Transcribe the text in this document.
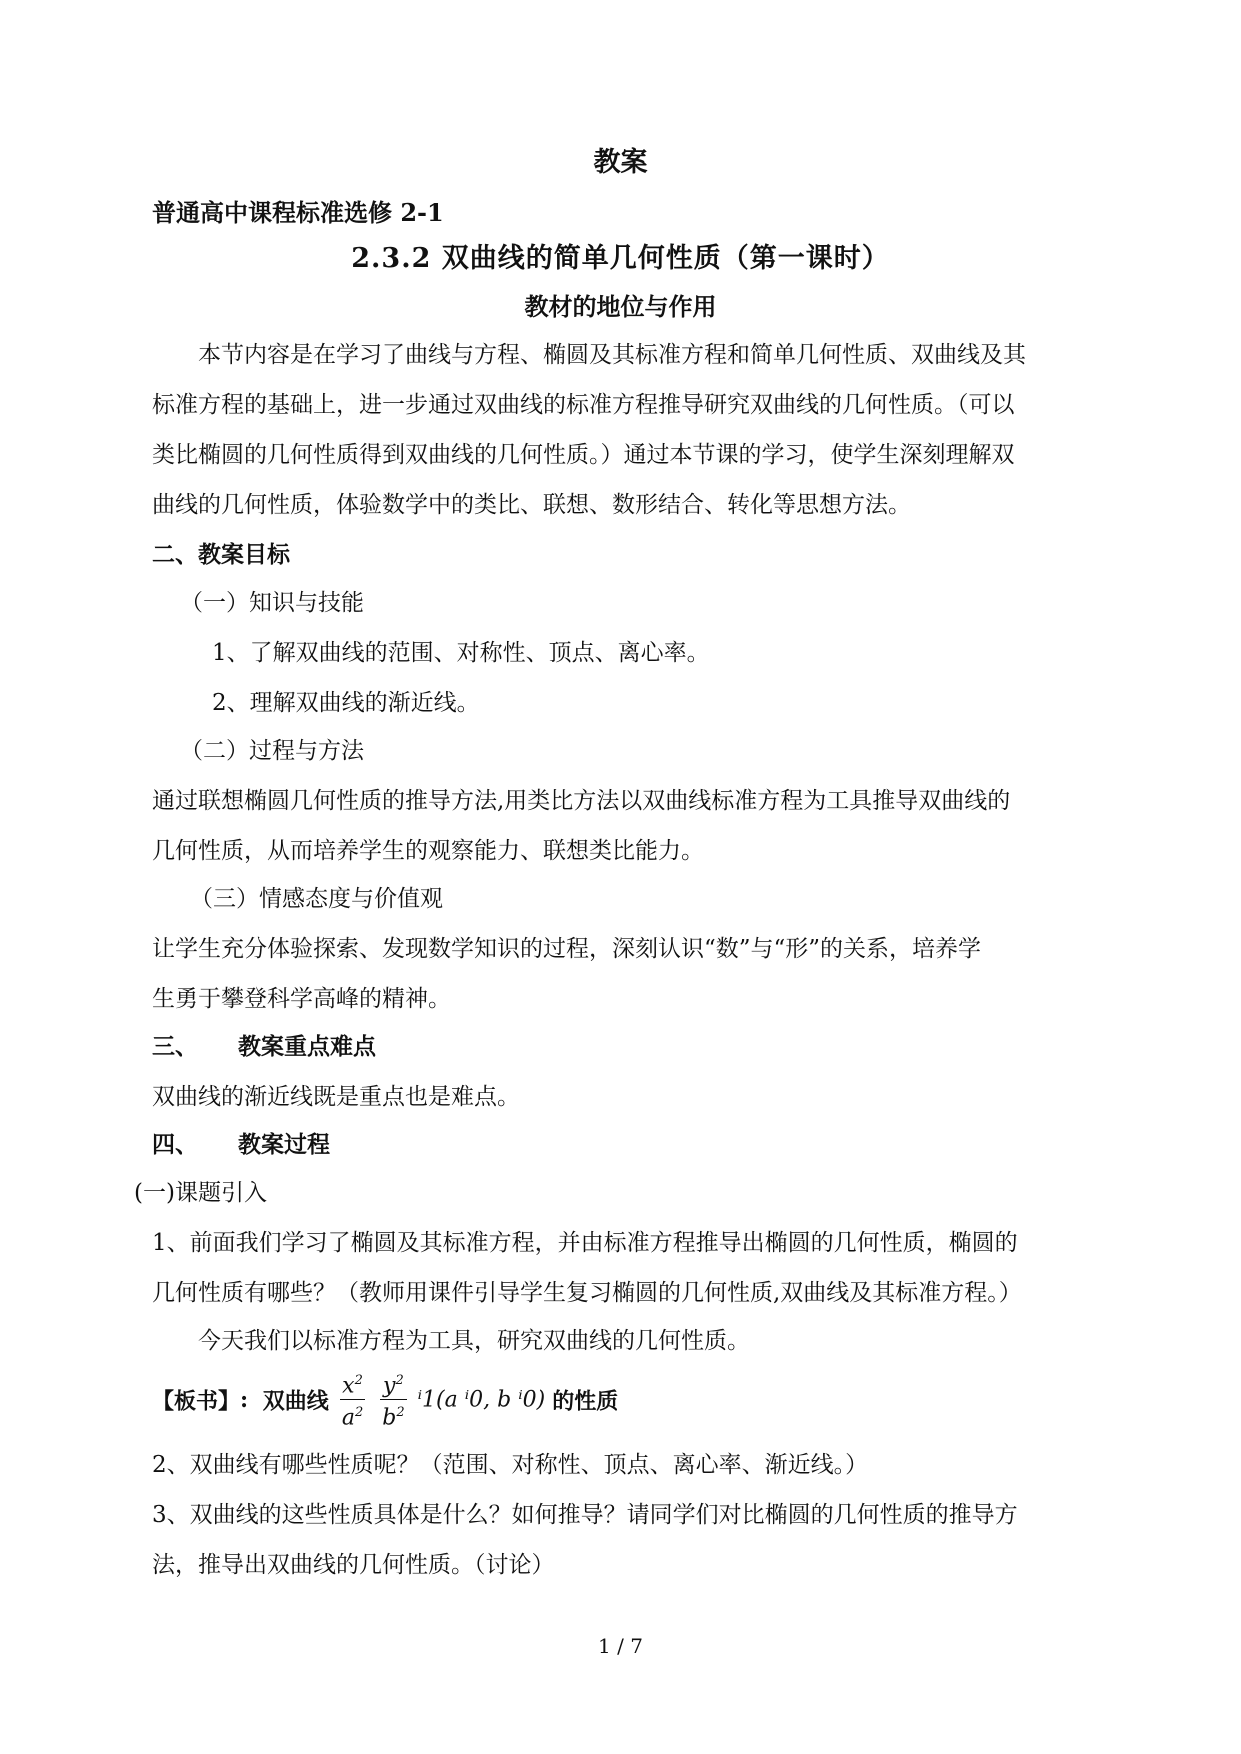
教案
普通高中课程标准选修 2-1
2.3.2 双曲线的简单几何性质（第一课时）
教材的地位与作用
本节内容是在学习了曲线与方程、椭圆及其标准方程和简单几何性质、双曲线及其
标准方程的基础上，进一步通过双曲线的标准方程推导研究双曲线的几何性质。（可以
类比椭圆的几何性质得到双曲线的几何性质。）通过本节课的学习，使学生深刻理解双
曲线的几何性质，体验数学中的类比、联想、数形结合、转化等思想方法。
二、教案目标
（一）知识与技能
1、了解双曲线的范围、对称性、顶点、离心率。
2、理解双曲线的渐近线。
（二）过程与方法
通过联想椭圆几何性质的推导方法,用类比方法以双曲线标准方程为工具推导双曲线的
几何性质，从而培养学生的观察能力、联想类比能力。
（三）情感态度与价值观
让学生充分体验探索、发现数学知识的过程，深刻认识“数”与“形”的关系，培养学
生勇于攀登科学高峰的精神。
三、 教案重点难点
双曲线的渐近线既是重点也是难点。
四、 教案过程
(一)课题引入
1、前面我们学习了椭圆及其标准方程，并由标准方程推导出椭圆的几何性质，椭圆的
几何性质有哪些？（教师用课件引导学生复习椭圆的几何性质,双曲线及其标准方程。）
今天我们以标准方程为工具，研究双曲线的几何性质。
【板书】:  双曲线 $\frac{x^2}{a^2}$
$\frac{y^2}{b^2} ^i1(a$ ⁱ0, b ⁱ0) 的性质
2、双曲线有哪些性质呢？（范围、对称性、顶点、离心率、渐近线。）
3、双曲线的这些性质具体是什么？如何推导？请同学们对比椭圆的几何性质的推导方
法，推导出双曲线的几何性质。（讨论）
1 / 7
